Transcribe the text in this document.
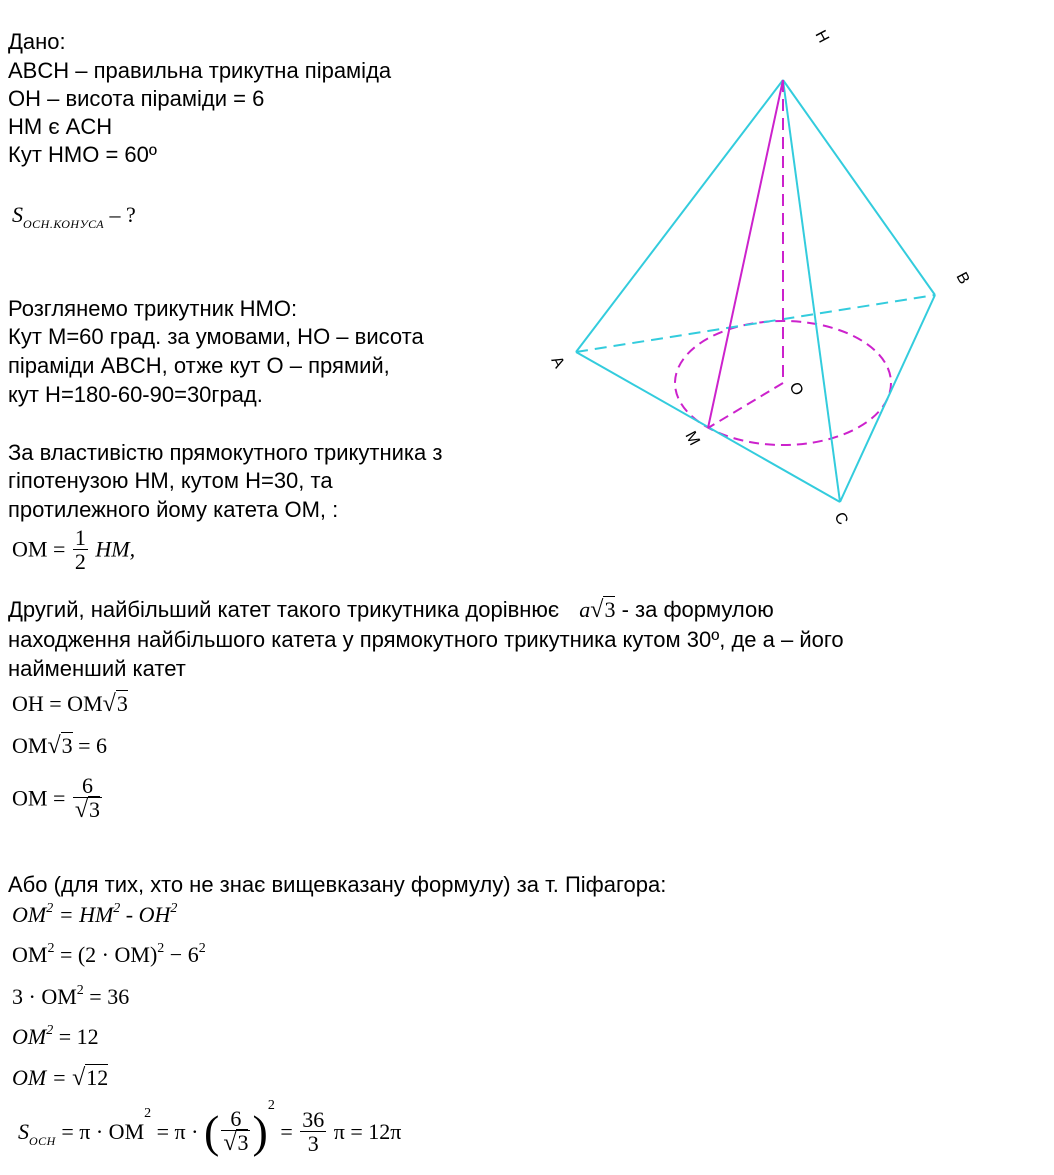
Дано:

ABCH – правильна трикутна піраміда

OH – висота піраміди = 6

HM є ACH

Кут HMO = 60º

$S_{ОСН.КОНУСА}$ – ?

Розглянемо трикутник HMO:

Кут M=60 град. за умовами, HO – висота

піраміди ABCH, отже кут O – прямий,

кут H=180-60-90=30град.

За властивістю прямокутного трикутника з

гіпотенузою HM, кутом H=30, та

протилежного йому катета OM, :

OM = $\frac{1}{2}$ HM,

Другий, найбільший катет такого трикутника дорівнює a√3 - за формулою

находження найбільшого катета у прямокутного трикутника кутом 30º, де a – його

найменший катет

OH = OM√3
OM√3 = 6
OM = $\frac{6}{√3}$

Або (для тих, хто не знає вищевказану формулу) за т. Піфагора:

$OM^2 = HM^2 - OH^2$
$OM^2 = (2 \cdot OM)^2 - 6^2$
$3 \cdot OM^2 = 36$
$OM^2 = 12$
OM = √12
$S_{ОСН} = \pi \cdot OM^2 = \pi$ · ( $\frac{6}{√3} )^2 = \frac{36}{3}$ π = 12π
H
A
B
C
O
M
